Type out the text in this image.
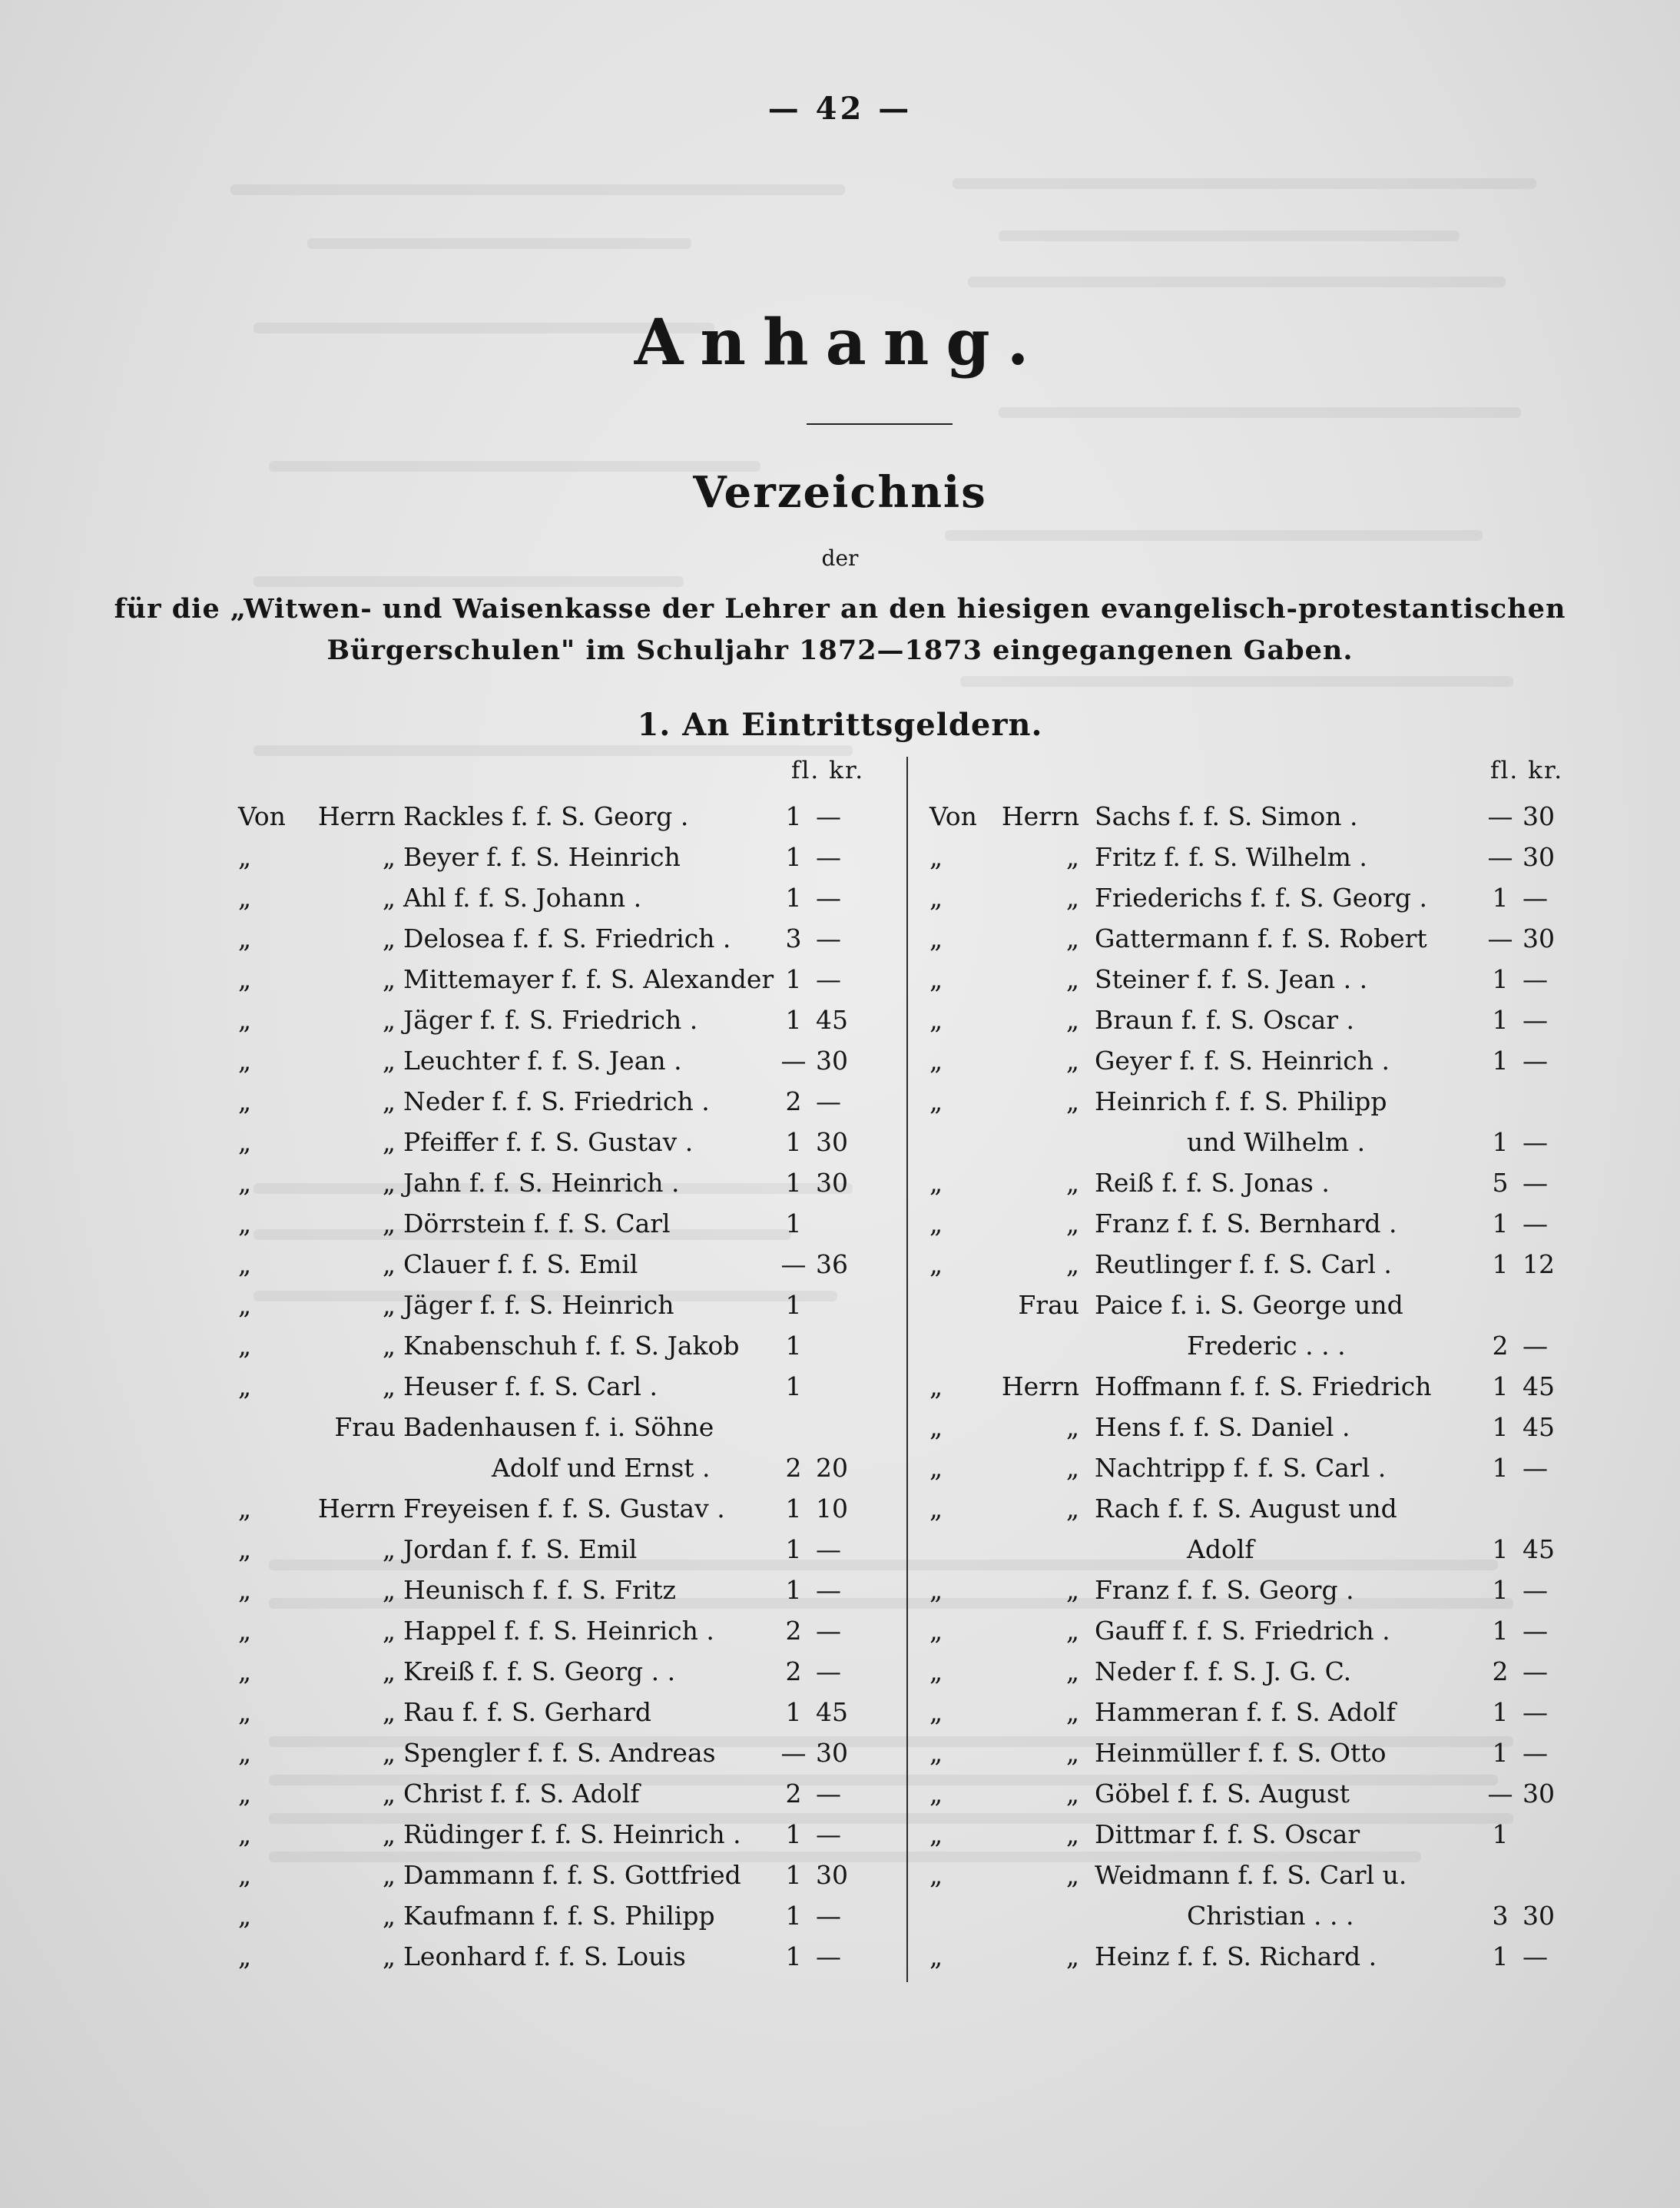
— 42 —
Anhang.
Verzeichnis
der
für die „Witwen- und Waisenkasse der Lehrer an den hiesigen evangelisch-protestantischen
Bürgerschulen" im Schuljahr 1872—1873 eingegangenen Gaben.
1. An Eintrittsgeldern.
fl. kr.	fl. kr.
Von	Herrn Rackles f. f. S. Georg .	1 —
„	„ Beyer f. f. S. Heinrich	1 —
„	„ Ahl f. f. S. Johann .	1 —
„	„ Delosea f. f. S. Friedrich .	3 —
„	„ Mittemayer f. f. S. Alexander 1 —
„	„ Jäger f. f. S. Friedrich .	1 45
„	„ Leuchter f. f. S. Jean .	— 30
„	„ Neder f. f. S. Friedrich .	2 —
„	„ Pfeiffer f. f. S. Gustav .	1 30
„	„ Jahn f. f. S. Heinrich .	1 30
„	„ Dörrstein f. f. S. Carl	1
„	„ Clauer f. f. S. Emil	— 36
„	„ Jäger f. f. S. Heinrich	1
„	„ Knabenschuh f. f. S. Jakob	1
„	„ Heuser f. f. S. Carl .	1
Frau Badenhausen f. i. Söhne
Adolf und Ernst .	2 20
„	Herrn Freyeisen f. f. S. Gustav .	1 10
„	„ Jordan f. f. S. Emil	1 —
„	„ Heunisch f. f. S. Fritz	1 —
„	„ Happel f. f. S. Heinrich .	2 —
„	„ Kreiß f. f. S. Georg . .	2 —
„	„ Rau f. f. S. Gerhard	1 45
„	„ Spengler f. f. S. Andreas	— 30
„	„ Christ f. f. S. Adolf	2 —
„	„ Rüdinger f. f. S. Heinrich .	1 —
„	„ Dammann f. f. S. Gottfried	1 30
„	„ Kaufmann f. f. S. Philipp	1 —
„	„ Leonhard f. f. S. Louis	1 —
Von Herrn Sachs f. f. S. Simon .	— 30
„	„ Fritz f. f. S. Wilhelm .	— 30
„	„ Friederichs f. f. S. Georg .	1 —
„	„ Gattermann f. f. S. Robert — 30
„	„ Steiner f. f. S. Jean . .	1 —
„	„ Braun f. f. S. Oscar .	1 —
„	„ Geyer f. f. S. Heinrich .	1 —
„	„ Heinrich f. f. S. Philipp
und Wilhelm .	1 —
„	„ Reiß f. f. S. Jonas .	5 —
„	„ Franz f. f. S. Bernhard .	1 —
„	„ Reutlinger f. f. S. Carl .	1 12
Frau Paice f. i. S. George und
Frederic . . .	2 —
„	Herrn Hoffmann f. f. S. Friedrich	1 45
„	„ Hens f. f. S. Daniel .	1 45
„	„ Nachtripp f. f. S. Carl .	1 —
„	„ Rach f. f. S. August und
Adolf	1 45
„	„ Franz f. f. S. Georg .	1 —
„	„ Gauff f. f. S. Friedrich .	1 —
„	„ Neder f. f. S. J. G. C.	2 —
„	„ Hammeran f. f. S. Adolf	1 —
„	„ Heinmüller f. f. S. Otto	1 —
„	„ Göbel f. f. S. August	— 30
„	„ Dittmar f. f. S. Oscar	1
„	„ Weidmann f. f. S. Carl u.
Christian . . .	3 30
„	„ Heinz f. f. S. Richard .	1 —
